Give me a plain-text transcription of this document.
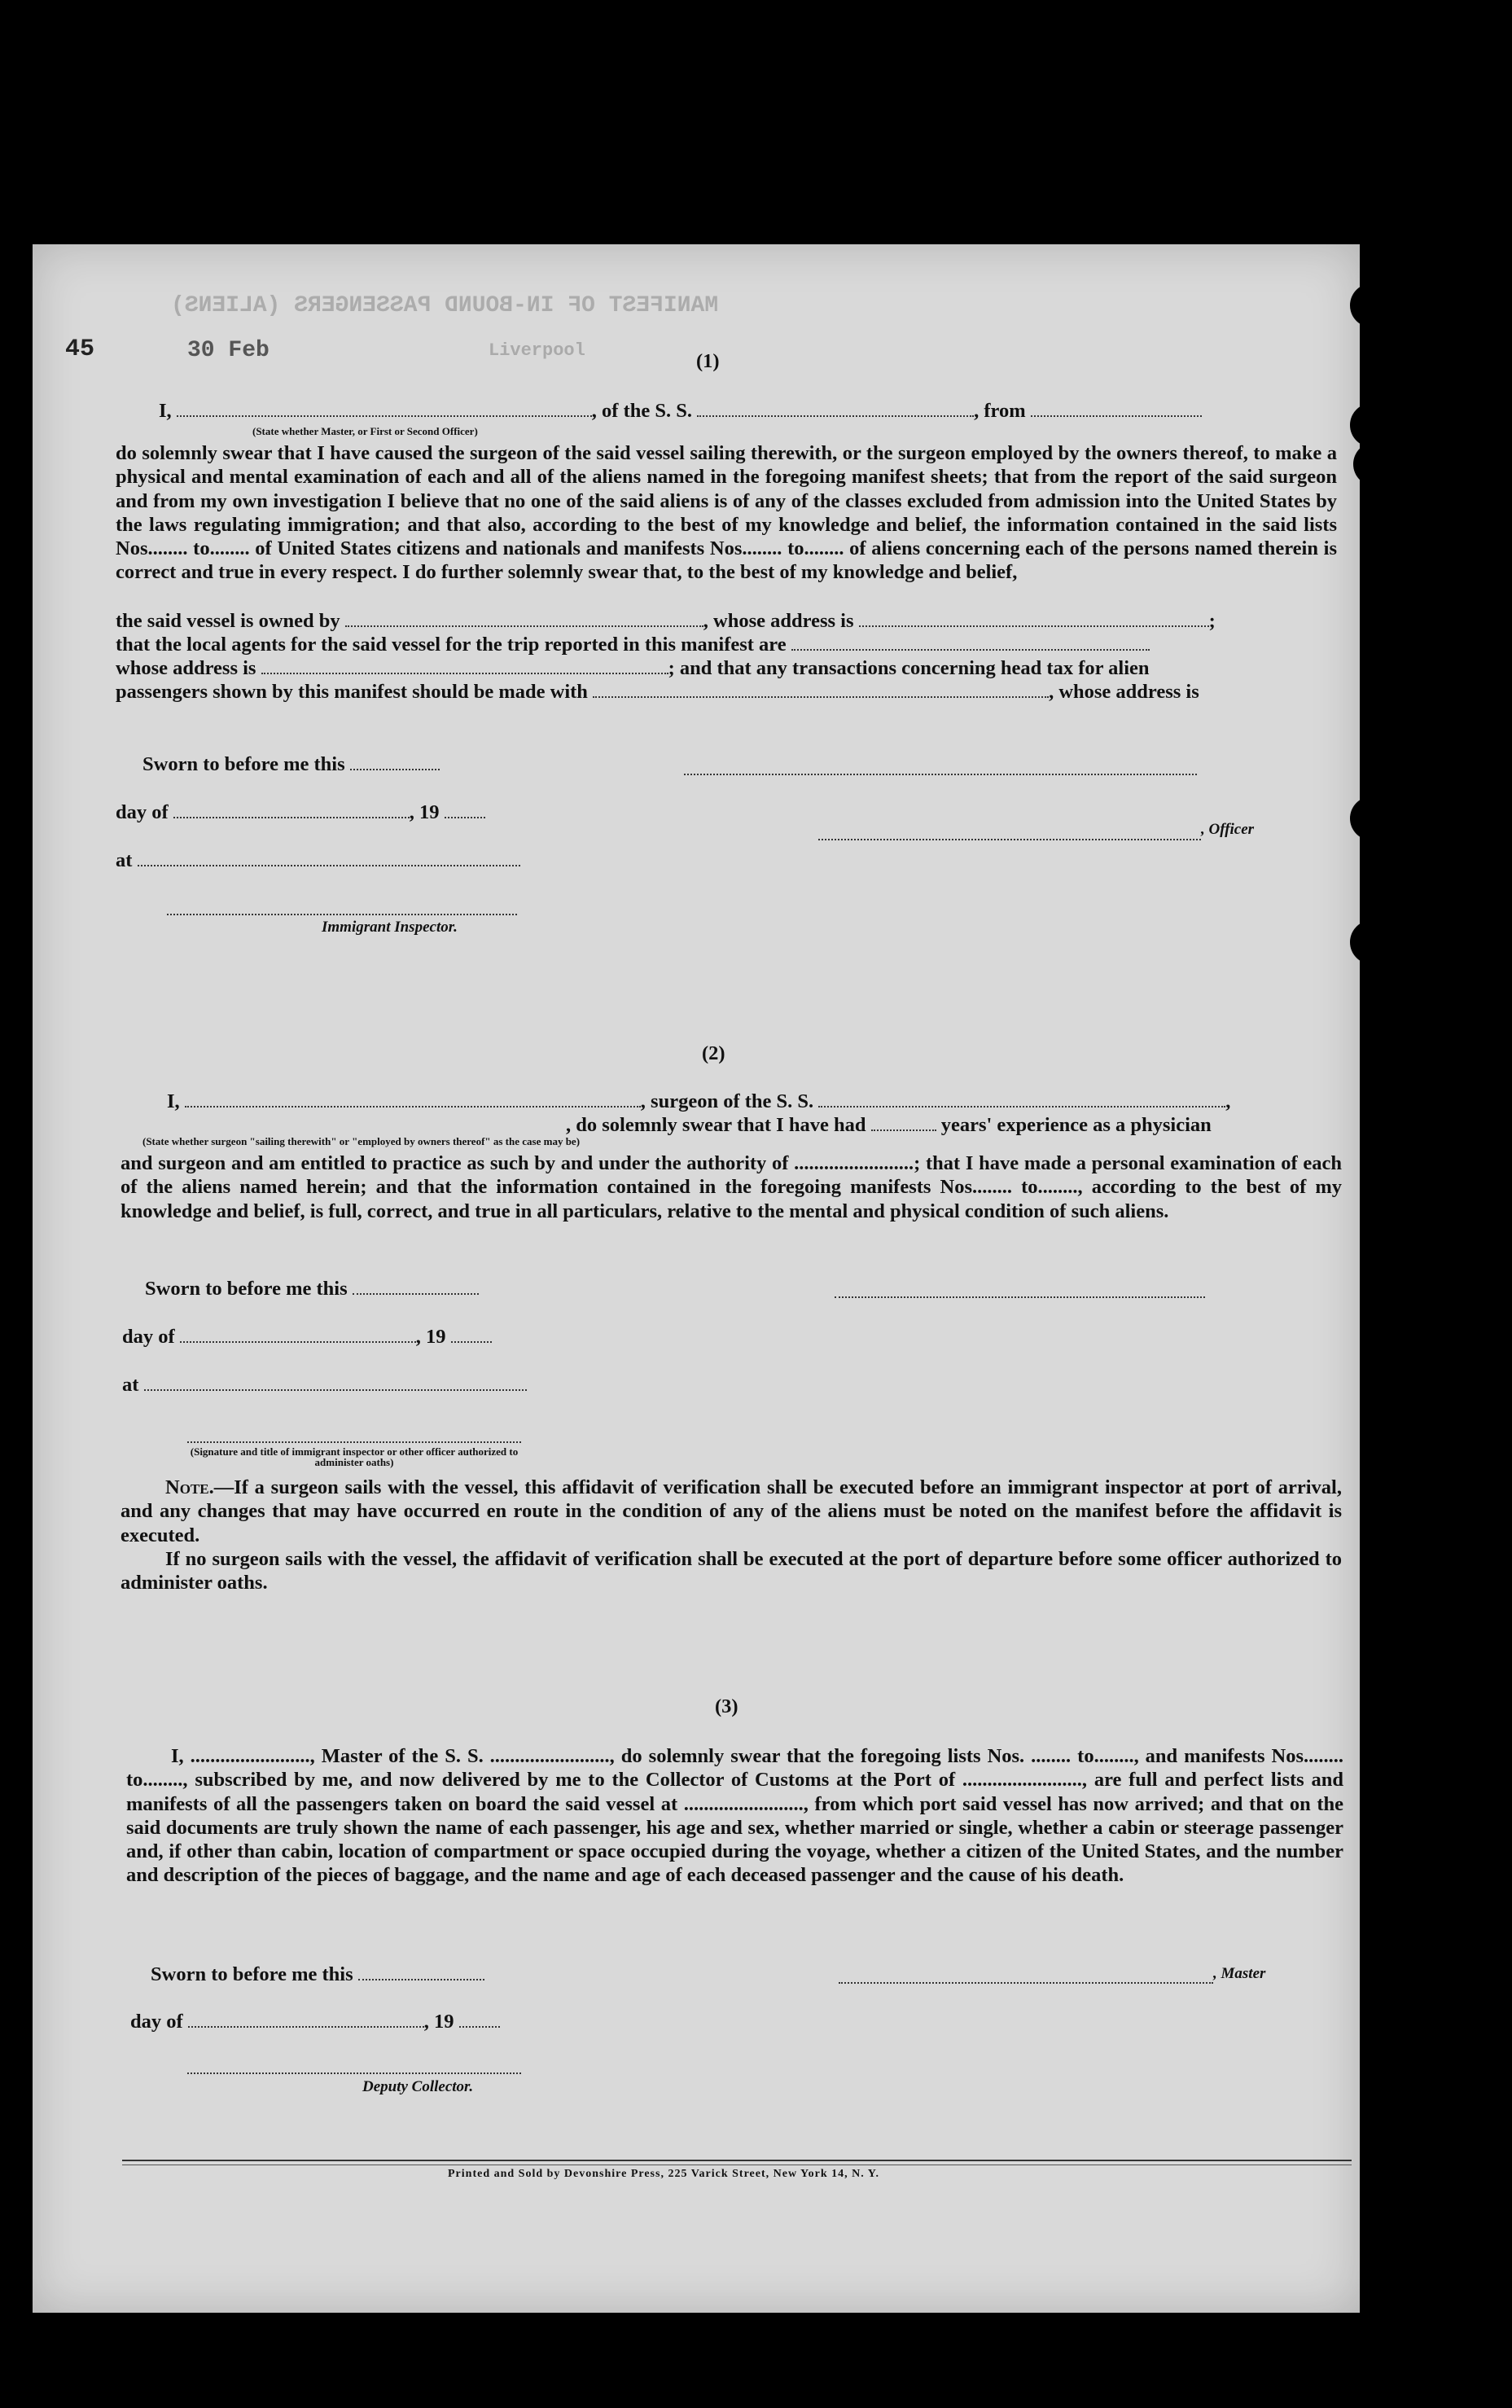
MANIFEST OF IN-BOUND PASSENGERS (ALIENS)
45	30 Feb	Liverpool	(1)
I,	, of the S. S.	, from
(State whether Master, or First or Second Officer)
do solemnly swear that I have caused the surgeon of the said vessel sailing therewith, or the surgeon employed by the owners thereof, to make a physical and mental examination of each and all of the aliens named in the foregoing manifest sheets; that from the report of the said surgeon and from my own investigation I believe that no one of the said aliens is of any of the classes excluded from admission into the United States by the laws regulating immigration; and that also, according to the best of my knowledge and belief, the information contained in the said lists Nos........ to........ of United States citizens and nationals and manifests Nos........ to........ of aliens concerning each of the persons named therein is correct and true in every respect. I do further solemnly swear that, to the best of my knowledge and belief,
the said vessel is owned by	, whose address is	;
that the local agents for the said vessel for the trip reported in this manifest are
whose address is	; and that any transactions concerning head tax for alien
passengers shown by this manifest should be made with	, whose address is
Sworn to before me this
day of	, 19
, Officer
at
Immigrant Inspector.
(2)
I,	, surgeon of the S. S.	,
, do solemnly swear that I have had	years' experience as a physician
(State whether surgeon "sailing therewith" or "employed by owners thereof" as the case may be)
and surgeon and am entitled to practice as such by and under the authority of ........................; that I have made a personal examination of each of the aliens named herein; and that the information contained in the foregoing manifests Nos........ to........, according to the best of my knowledge and belief, is full, correct, and true in all particulars, relative to the mental and physical condition of such aliens.
Sworn to before me this
day of	, 19
at
(Signature and title of immigrant inspector or other officer authorized to administer oaths)
Note.—If a surgeon sails with the vessel, this affidavit of verification shall be executed before an immigrant inspector at port of arrival, and any changes that may have occurred en route in the condition of any of the aliens must be noted on the manifest before the affidavit is executed.
If no surgeon sails with the vessel, the affidavit of verification shall be executed at the port of departure before some officer authorized to administer oaths.
(3)
I, ........................, Master of the S. S. ........................, do solemnly swear that the foregoing lists Nos. ........ to........, and manifests Nos........ to........, subscribed by me, and now delivered by me to the Collector of Customs at the Port of ........................, are full and perfect lists and manifests of all the passengers taken on board the said vessel at ........................, from which port said vessel has now arrived; and that on the said documents are truly shown the name of each passenger, his age and sex, whether married or single, whether a cabin or steerage passenger and, if other than cabin, location of compartment or space occupied during the voyage, whether a citizen of the United States, and the number and description of the pieces of baggage, and the name and age of each deceased passenger and the cause of his death.
Sworn to before me this	, Master
day of	, 19
Deputy Collector.
Printed and Sold by Devonshire Press, 225 Varick Street, New York 14, N. Y.
